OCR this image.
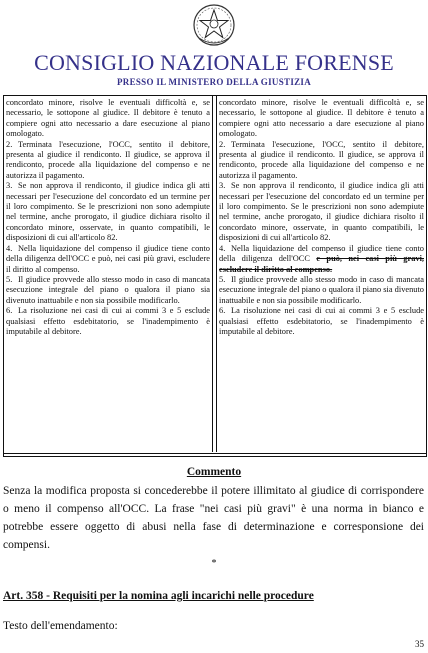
CONSIGLIO NAZIONALE FORENSE
PRESSO IL MINISTERO DELLA GIUSTIZIA

concordato minore, risolve le eventuali difficoltà e, se necessario, le sottopone al giudice. Il debitore è tenuto a compiere ogni atto necessario a dare esecuzione al piano omologato.

2. Terminata l'esecuzione, l'OCC, sentito il debitore, presenta al giudice il rendiconto. Il giudice, se approva il rendiconto, procede alla liquidazione del compenso e ne autorizza il pagamento.

3. Se non approva il rendiconto, il giudice indica gli atti necessari per l'esecuzione del concordato ed un termine per il loro compimento. Se le prescrizioni non sono adempiute nel termine, anche prorogato, il giudice dichiara risolto il concordato minore, osservate, in quanto compatibili, le disposizioni di cui all'articolo 82.

4. Nella liquidazione del compenso il giudice tiene conto della diligenza dell'OCC e può, nei casi più gravi, escludere il diritto al compenso.

5. Il giudice provvede allo stesso modo in caso di mancata esecuzione integrale del piano o qualora il piano sia divenuto inattuabile e non sia possibile modificarlo.

6. La risoluzione nei casi di cui ai commi 3 e 5 esclude qualsiasi effetto esdebitatorio, se l'inadempimento è imputabile al debitore.

concordato minore, risolve le eventuali difficoltà e, se necessario, le sottopone al giudice. Il debitore è tenuto a compiere ogni atto necessario a dare esecuzione al piano omologato.

2. Terminata l'esecuzione, l'OCC, sentito il debitore, presenta al giudice il rendiconto. Il giudice, se approva il rendiconto, procede alla liquidazione del compenso e ne autorizza il pagamento.

3. Se non approva il rendiconto, il giudice indica gli atti necessari per l'esecuzione del concordato ed un termine per il loro compimento. Se le prescrizioni non sono adempiute nel termine, anche prorogato, il giudice dichiara risolto il concordato minore, osservate, in quanto compatibili, le disposizioni di cui all'articolo 82.

4. Nella liquidazione del compenso il giudice tiene conto della diligenza dell'OCC e può, nei casi più gravi, escludere il diritto al compenso.

5. Il giudice provvede allo stesso modo in caso di mancata esecuzione integrale del piano o qualora il piano sia divenuto inattuabile e non sia possibile modificarlo.

6. La risoluzione nei casi di cui ai commi 3 e 5 esclude qualsiasi effetto esdebitatorio, se l'inadempimento è imputabile al debitore.

Commento

Senza la modifica proposta si concederebbe il potere illimitato al giudice di corrispondere o meno il compenso all'OCC. La frase "nei casi più gravi" è una norma in bianco e potrebbe essere oggetto di abusi nella fase di determinazione e corresponsione dei compensi.

*

Art. 358 - Requisiti per la nomina agli incarichi nelle procedure

Testo dell'emendamento:

35
